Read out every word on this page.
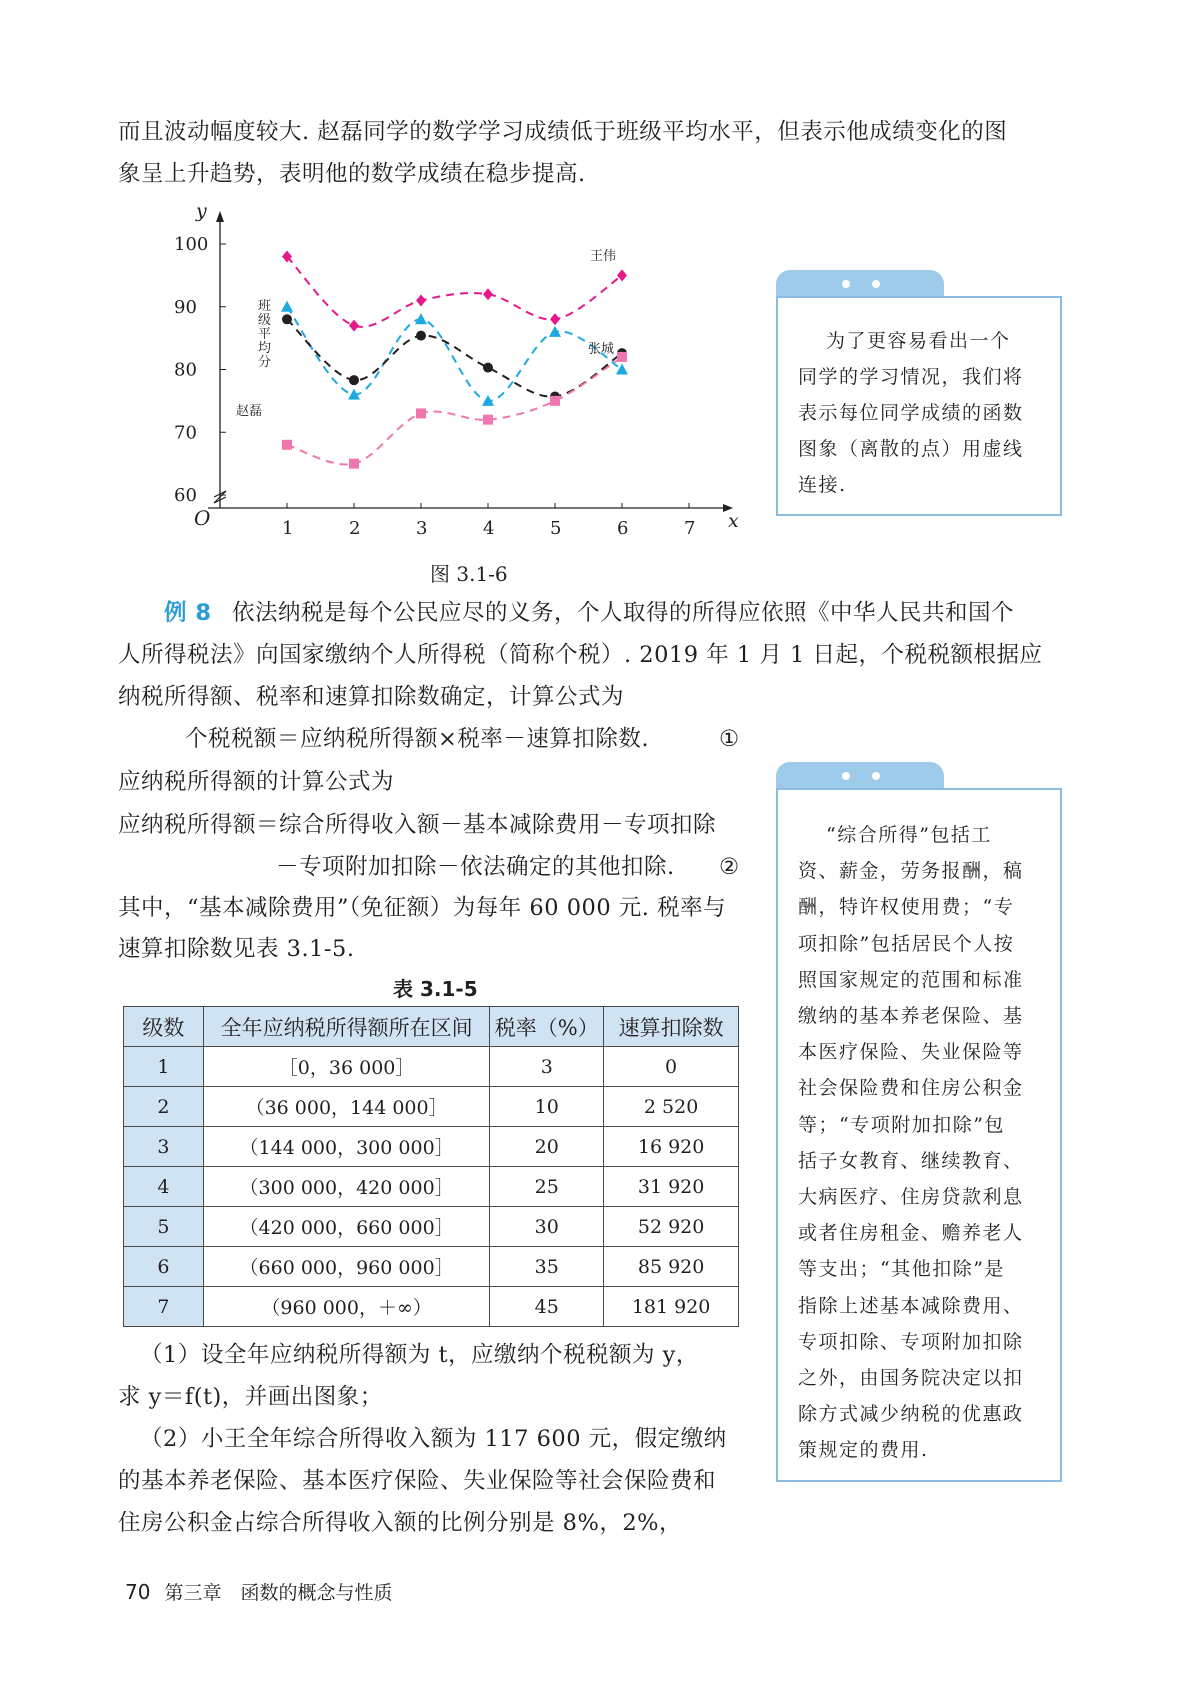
而且波动幅度较大. 赵磊同学的数学学习成绩低于班级平均水平，但表示他成绩变化的图
象呈上升趋势，表明他的数学成绩在稳步提高.
x
y
O	1	2	3	4	5	6	7
60
70
80
90
100
王伟
张城
班
级
平
均
分
赵磊
图 3.1-6
为了更容易看出一个
同学的学习情况，我们将
表示每位同学成绩的函数
图象（离散的点）用虚线
连接.
例 8 依法纳税是每个公民应尽的义务，个人取得的所得应依照《中华人民共和国个
人所得税法》向国家缴纳个人所得税（简称个税）. 2019 年 1 月 1 日起，个税税额根据应
纳税所得额、税率和速算扣除数确定，计算公式为
个税税额＝应纳税所得额×税率－速算扣除数.	①
应纳税所得额的计算公式为
应纳税所得额＝综合所得收入额－基本减除费用－专项扣除
－专项附加扣除－依法确定的其他扣除. ②
其中，“基本减除费用”（免征额）为每年 60 000 元. 税率与
速算扣除数见表 3.1-5.
表 3.1-5
级数	全年应纳税所得额所在区间	税率（%）	速算扣除数
1	［0，36 000］	3	0
2	（36 000，144 000］	10	2 520
3	（144 000，300 000］	20	16 920
4	（300 000，420 000］	25	31 920
5	（420 000，660 000］	30	52 920
6	（660 000，960 000］	35	85 920
7	（960 000，＋∞）	45	181 920
（1）设全年应纳税所得额为 t，应缴纳个税税额为 y，
求 y＝f(t)，并画出图象；
（2）小王全年综合所得收入额为 117 600 元，假定缴纳
的基本养老保险、基本医疗保险、失业保险等社会保险费和
住房公积金占综合所得收入额的比例分别是 8%，2%，
“综合所得”包括工
资、薪金，劳务报酬，稿
酬，特许权使用费；“专
项扣除”包括居民个人按
照国家规定的范围和标准
缴纳的基本养老保险、基
本医疗保险、失业保险等
社会保险费和住房公积金
等；“专项附加扣除”包
括子女教育、继续教育、
大病医疗、住房贷款利息
或者住房租金、赡养老人
等支出；“其他扣除”是
指除上述基本减除费用、
专项扣除、专项附加扣除
之外，由国务院决定以扣
除方式减少纳税的优惠政
策规定的费用.
70 第三章　函数的概念与性质
